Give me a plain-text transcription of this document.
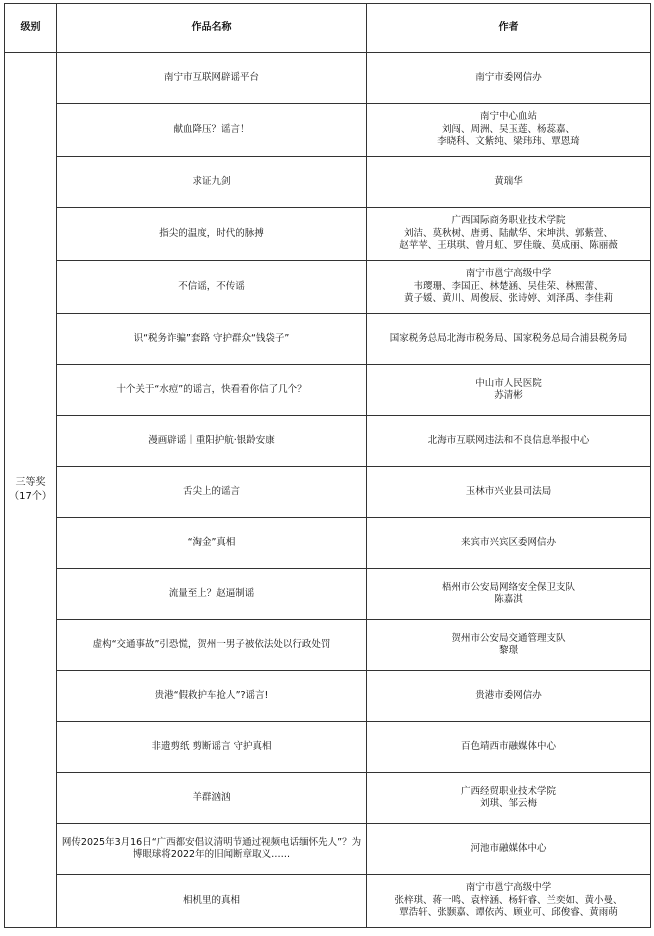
级别	作品名称	作者

三等奖
（17个）	南宁市互联网辟谣平台	南宁市委网信办

	献血降压？谣言！	南宁中心血站
刘闯、周洲、吴玉莲、杨蕊嘉、
李晓科、文紫纯、梁玮玮、覃恩琦

	求证九剑	黄瑞华

	指尖的温度，时代的脉搏	广西国际商务职业技术学院
刘洁、莫秋树、唐勇、陆献华、宋坤洪、郭紫萱、
赵苹苹、王琪琪、曾月虹、罗佳璇、莫成丽、陈丽薇

	不信谣，不传谣	南宁市邕宁高级中学
韦璎珊、李国正、林楚涵、吴佳荣、林熙蕾、
黄子媛、黄川、周俊辰、张诗婷、刘泽禹、李佳莉

	识“税务诈骗”套路 守护群众“钱袋子”	国家税务总局北海市税务局、国家税务总局合浦县税务局

	十个关于“水痘”的谣言，快看看你信了几个？	中山市人民医院
苏清彬

	漫画辟谣｜重阳护航·银龄安康	北海市互联网违法和不良信息举报中心

	舌尖上的谣言	玉林市兴业县司法局

	“淘金”真相	来宾市兴宾区委网信办

	流量至上？赵逼制谣	梧州市公安局网络安全保卫支队
陈嘉淇

	虚构“交通事故”引恐慌，贺州一男子被依法处以行政处罚	贺州市公安局交通管理支队
黎璟

	贵港“假救护车抢人”?谣言!	贵港市委网信办

	非遗剪纸 剪断谣言 守护真相	百色靖西市融媒体中心

	羊群汹汹	广西经贸职业技术学院
刘琪、邹云梅

	网传2025年3月16日“广西都安倡议清明节通过视频电话缅怀先人”？为博眼球将2022年的旧闻断章取义……	河池市融媒体中心

	相机里的真相	南宁市邕宁高级中学
张梓琪、蒋一鸣、袁梓涵、杨轩睿、兰奕如、黄小曼、
覃浩轩、张颢嘉、谭依芮、顾业可、邱俊睿、黄雨萌
